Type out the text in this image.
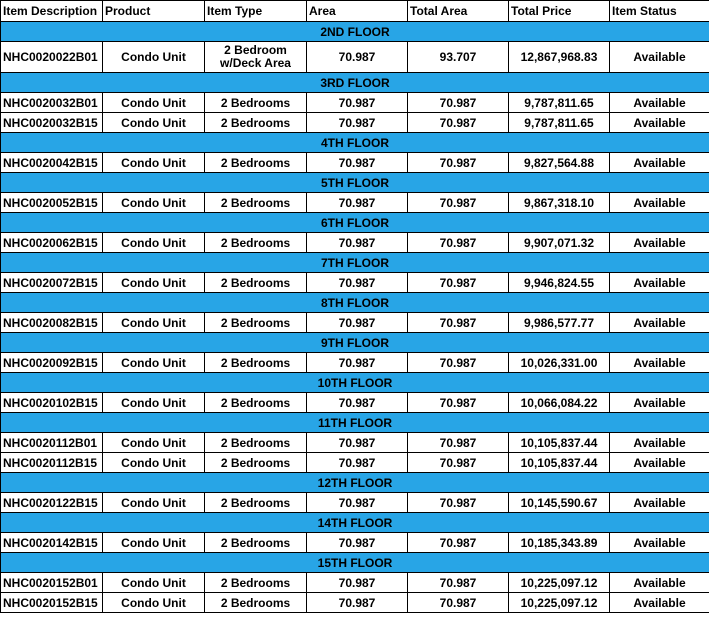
Item Description	Product	Item Type	Area	Total Area	Total Price	Item Status
2ND FLOOR						
NHC0020022B01	Condo Unit	2 Bedroom w/Deck Area	70.987	93.707	12,867,968.83	Available
3RD FLOOR						
NHC0020032B01	Condo Unit	2 Bedrooms	70.987	70.987	9,787,811.65	Available
NHC0020032B15	Condo Unit	2 Bedrooms	70.987	70.987	9,787,811.65	Available
4TH FLOOR						
NHC0020042B15	Condo Unit	2 Bedrooms	70.987	70.987	9,827,564.88	Available
5TH FLOOR						
NHC0020052B15	Condo Unit	2 Bedrooms	70.987	70.987	9,867,318.10	Available
6TH FLOOR						
NHC0020062B15	Condo Unit	2 Bedrooms	70.987	70.987	9,907,071.32	Available
7TH FLOOR						
NHC0020072B15	Condo Unit	2 Bedrooms	70.987	70.987	9,946,824.55	Available
8TH FLOOR						
NHC0020082B15	Condo Unit	2 Bedrooms	70.987	70.987	9,986,577.77	Available
9TH FLOOR						
NHC0020092B15	Condo Unit	2 Bedrooms	70.987	70.987	10,026,331.00	Available
10TH FLOOR						
NHC0020102B15	Condo Unit	2 Bedrooms	70.987	70.987	10,066,084.22	Available
11TH FLOOR						
NHC0020112B01	Condo Unit	2 Bedrooms	70.987	70.987	10,105,837.44	Available
NHC0020112B15	Condo Unit	2 Bedrooms	70.987	70.987	10,105,837.44	Available
12TH FLOOR						
NHC0020122B15	Condo Unit	2 Bedrooms	70.987	70.987	10,145,590.67	Available
14TH FLOOR						
NHC0020142B15	Condo Unit	2 Bedrooms	70.987	70.987	10,185,343.89	Available
15TH FLOOR						
NHC0020152B01	Condo Unit	2 Bedrooms	70.987	70.987	10,225,097.12	Available
NHC0020152B15	Condo Unit	2 Bedrooms	70.987	70.987	10,225,097.12	Available
